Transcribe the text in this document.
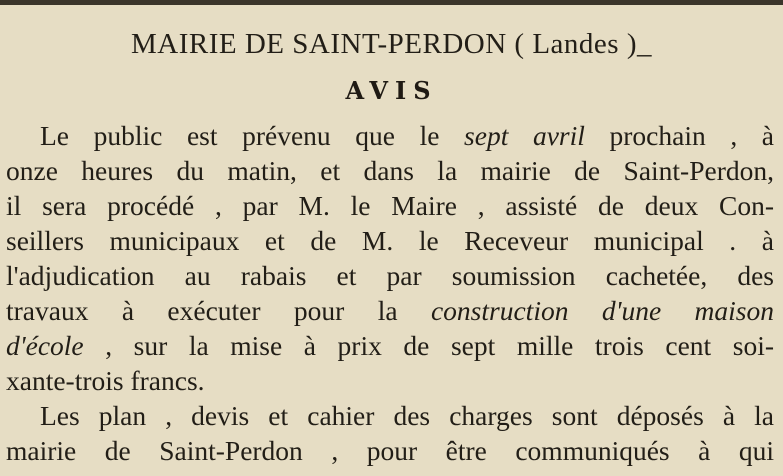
MAIRIE DE SAINT-PERDON ( Landes )_
AVIS
Le public est prévenu que le sept avril prochain , à
onze heures du matin, et dans la mairie de Saint-Perdon,
il sera procédé , par M. le Maire , assisté de deux Con-
seillers municipaux et de M. le Receveur municipal . à
l'adjudication au rabais et par soumission cachetée, des
travaux à exécuter pour la construction d'une maison
d'école , sur la mise à prix de sept mille trois cent soi-
xante-trois francs.
Les plan , devis et cahier des charges sont déposés à la
mairie de Saint-Perdon , pour être communiqués à qui
